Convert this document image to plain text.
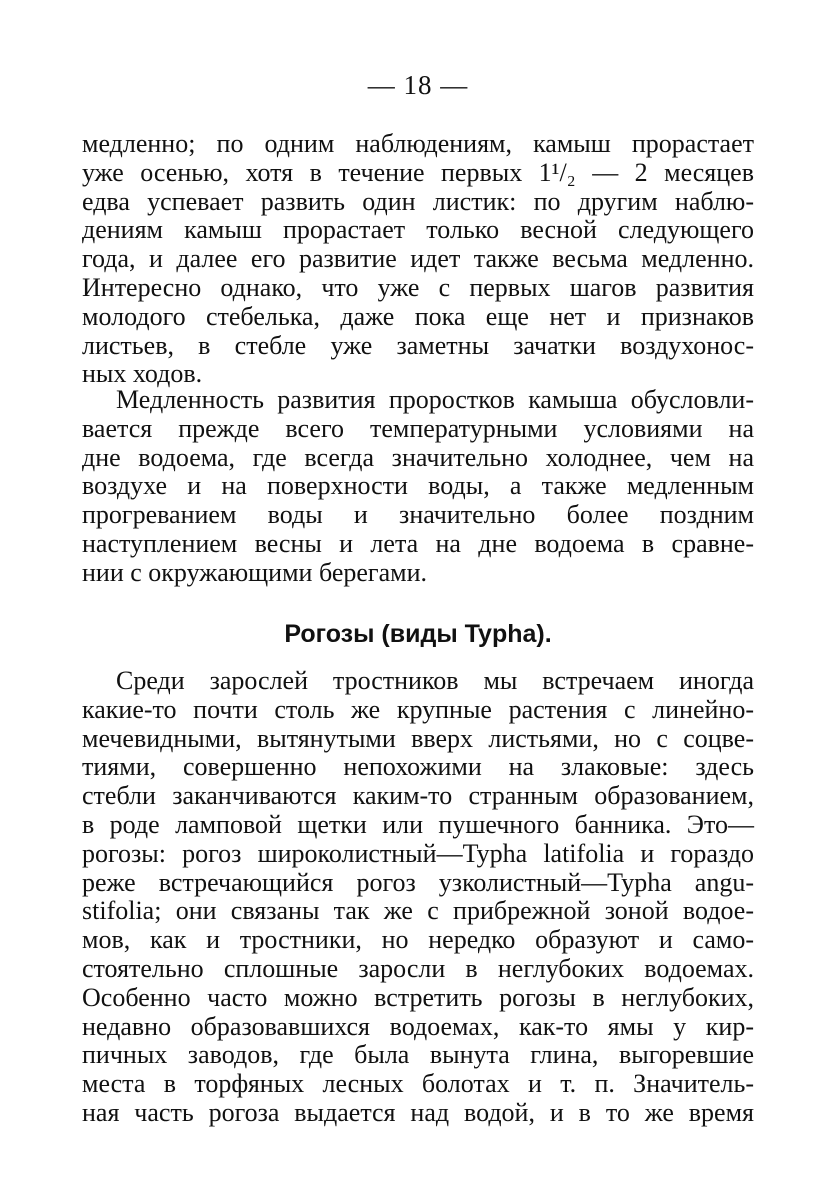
— 18 —
медленно; по одним наблюдениям, камыш прорастает
уже осенью, хотя в течение первых 1¹/₂ — 2 месяцев
едва успевает развить один листик: по другим наблю-
дениям камыш прорастает только весной следующего
года, и далее его развитие идет также весьма медленно.
Интересно однако, что уже с первых шагов развития
молодого стебелька, даже пока еще нет и признаков
листьев, в стебле уже заметны зачатки воздухонос-
ных ходов.
Медленность развития проростков камыша обусловли-
вается прежде всего температурными условиями на
дне водоема, где всегда значительно холоднее, чем на
воздухе и на поверхности воды, а также медленным
прогреванием воды и значительно более поздним
наступлением весны и лета на дне водоема в сравне-
нии с окружающими берегами.
Рогозы (виды Typha).
Среди зарослей тростников мы встречаем иногда
какие-то почти столь же крупные растения с линейно-
мечевидными, вытянутыми вверх листьями, но с соцве-
тиями, совершенно непохожими на злаковые: здесь
стебли заканчиваются каким-то странным образованием,
в роде ламповой щетки или пушечного банника. Это—
рогозы: рогоз широколистный—Typha latifolia и гораздо
реже встречающийся рогоз узколистный—Typha angu-
stifolia; они связаны так же с прибрежной зоной водое-
мов, как и тростники, но нередко образуют и само-
стоятельно сплошные заросли в неглубоких водоемах.
Особенно часто можно встретить рогозы в неглубоких,
недавно образовавшихся водоемах, как-то ямы у кир-
пичных заводов, где была вынута глина, выгоревшие
места в торфяных лесных болотах и т. п. Значитель-
ная часть рогоза выдается над водой, и в то же время
